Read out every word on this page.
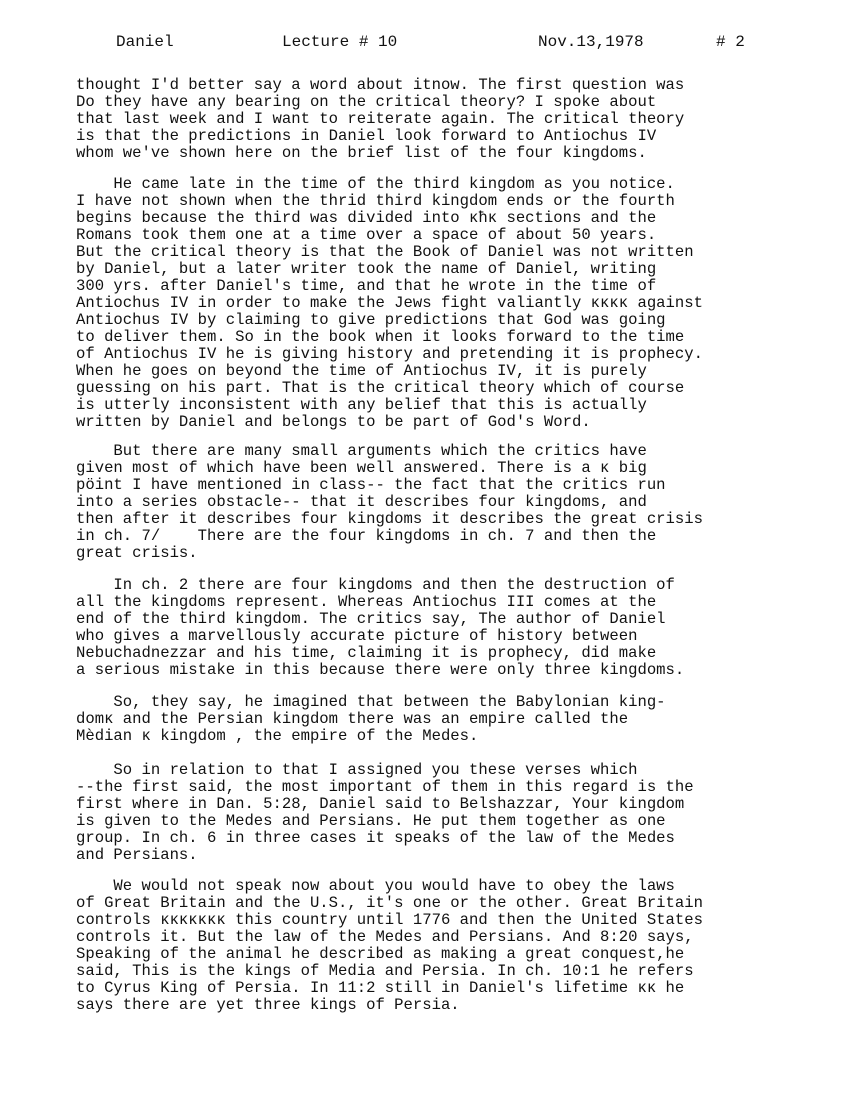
Daniel	Lecture # 10	Nov.13,1978	# 2
thought I'd better say a word about itnow. The first question was
Do they have any bearing on the critical theory? I spoke about
that last week and I want to reiterate again. The critical theory
is that the predictions in Daniel look forward to Antiochus IV
whom we've shown here on the brief list of the four kingdoms.
He came late in the time of the third kingdom as you notice.
I have not shown when the thrid third kingdom ends or the fourth
begins because the third was divided into ĸħĸ sections and the
Romans took them one at a time over a space of about 50 years.
But the critical theory is that the Book of Daniel was not written
by Daniel, but a later writer took the name of Daniel, writing
300 yrs. after Daniel's time, and that he wrote in the time of
Antiochus IV in order to make the Jews fight valiantly ĸĸĸĸ against
Antiochus IV by claiming to give predictions that God was going
to deliver them. So in the book when it looks forward to the time
of Antiochus IV he is giving history and pretending it is prophecy.
When he goes on beyond the time of Antiochus IV, it is purely
guessing on his part. That is the critical theory which of course
is utterly inconsistent with any belief that this is actually
written by Daniel and belongs to be part of God's Word.
But there are many small arguments which the critics have
given most of which have been well answered. There is a ĸ big
pöint I have mentioned in class-- the fact that the critics run
into a series obstacle-- that it describes four kingdoms, and
then after it describes four kingdoms it describes the great crisis
in ch. 7/    There are the four kingdoms in ch. 7 and then the
great crisis.
In ch. 2 there are four kingdoms and then the destruction of
all the kingdoms represent. Whereas Antiochus III comes at the
end of the third kingdom. The critics say, The author of Daniel
who gives a marvellously accurate picture of history between
Nebuchadnezzar and his time, claiming it is prophecy, did make
a serious mistake in this because there were only three kingdoms.
So, they say, he imagined that between the Babylonian king-
domĸ and the Persian kingdom there was an empire called the
Mèdian ĸ kingdom , the empire of the Medes.
So in relation to that I assigned you these verses which
--the first said, the most important of them in this regard is the
first where in Dan. 5:28, Daniel said to Belshazzar, Your kingdom
is given to the Medes and Persians. He put them together as one
group. In ch. 6 in three cases it speaks of the law of the Medes
and Persians.
We would not speak now about you would have to obey the laws
of Great Britain and the U.S., it's one or the other. Great Britain
controls ĸĸĸĸĸĸĸ this country until 1776 and then the United States
controls it. But the law of the Medes and Persians. And 8:20 says,
Speaking of the animal he described as making a great conquest,he
said, This is the kings of Media and Persia. In ch. 10:1 he refers
to Cyrus King of Persia. In 11:2 still in Daniel's lifetime ĸĸ he
says there are yet three kings of Persia.
